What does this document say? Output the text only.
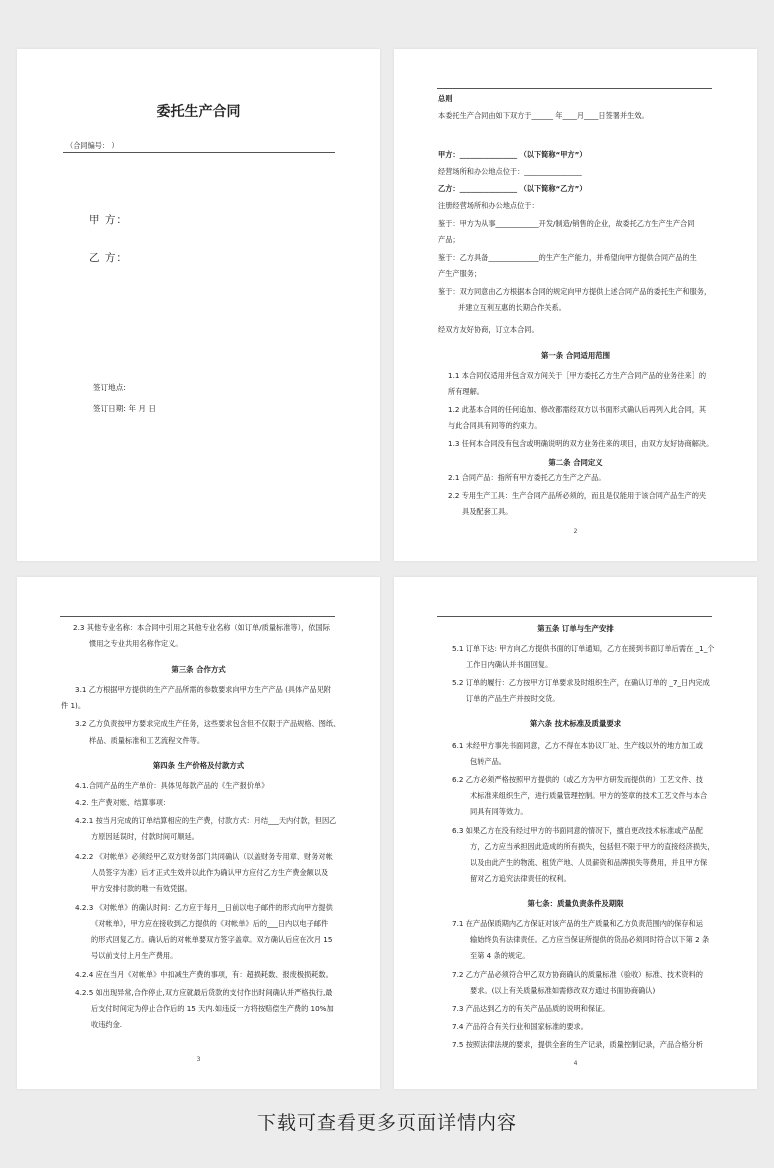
委托生产合同
（合同编号： ）
甲 方：
乙 方：
签订地点:
签订日期: 年 月 日
总则
本委托生产合同由如下双方于______ 年____月____日签署并生效。
甲方：________________ （以下简称“甲方”）
经营场所和办公地点位于：________________
乙方：________________ （以下简称“乙方”）
注册经营场所和办公地点位于：
鉴于：甲方为从事____________开发/制造/销售的企业，故委托乙方生产生产合同
产品；
鉴于：乙方具备______________的生产生产能力，并希望向甲方提供合同产品的生
产生产服务；
鉴于：双方同意由乙方根据本合同的规定向甲方提供上述合同产品的委托生产和服务，
并建立互利互惠的长期合作关系。
经双方友好协商，订立本合同。
第一条 合同适用范围
1.1 本合同仅适用并包含双方间关于［甲方委托乙方生产合同产品的业务往来］的
所有理解。
1.2 此基本合同的任何追加、修改都需经双方以书面形式确认后再列入此合同，其
与此合同具有同等的约束力。
1.3 任何本合同没有包含或明确说明的双方业务往来的项目，由双方友好协商解决。
第二条 合同定义
2.1 合同产品：指所有甲方委托乙方生产之产品。
2.2 专用生产工具：生产合同产品所必须的，而且是仅能用于该合同产品生产的夹
具及配套工具。
2
2.3 其他专业名称：本合同中引用之其他专业名称（如订单/质量标准等），依国际
惯用之专业共用名称作定义。
第三条 合作方式
3.1 乙方根据甲方提供的生产产品所需的参数要求向甲方生产产品 (具体产品见附
件 1)。
3.2 乙方负责按甲方要求完成生产任务，这些要求包含但不仅限于产品规格、图纸、
样品、质量标准和工艺流程文件等。
第四条 生产价格及付款方式
4.1.合同产品的生产单价：具体见每款产品的《生产报价单》
4.2. 生产费对账、结算事项：
4.2.1 按当月完成的订单结算相应的生产费，付款方式：月结___天内付款，但因乙
方原因延误时，付款时间可顺延。
4.2.2 《对帐单》必须经甲乙双方财务部门共同确认（以盖财务专用章、财务对帐
人员签字为准）后才正式生效并以此作为确认甲方应付乙方生产费金额以及
甲方安排付款的唯一有效凭据。
4.2.3 《对帐单》的确认时间：乙方应于每月__日前以电子邮件的形式向甲方提供
《对帐单》，甲方应在接收到乙方提供的《对帐单》后的___日内以电子邮件
的形式回复乙方。确认后的对帐单要双方签字盖章。双方确认后应在次月 15
号以前支付上月生产费用。
4.2.4 应在当月《对帐单》中扣减生产费的事项，有：超损耗数、报废极损耗数。
4.2.5 如出现异常,合作停止,双方应就最后货款的支付作出时间确认并严格执行,最
后支付时间定为停止合作后的 15 天内.如违反一方将按赔偿生产费的 10%加
收违约金.
3
第五条 订单与生产安排
5.1 订单下达: 甲方向乙方提供书面的订单通知，乙方在接到书面订单后需在 _1_个
工作日内确认并书面回复。
5.2 订单的履行：乙方按甲方订单要求及时组织生产，在确认订单的 _7_日内完成
订单的产品生产并按时交货。
第六条 技术标准及质量要求
6.1 未经甲方事先书面同意，乙方不得在本协议厂址、生产线以外的地方加工或
包转产品。
6.2 乙方必须严格按照甲方提供的（或乙方为甲方研发而提供的）工艺文件、技
术标准来组织生产，进行质量管理控制。甲方的签章的技术工艺文件与本合
同具有同等效力。
6.3 如果乙方在没有经过甲方的书面同意的情况下，擅自更改技术标准或产品配
方，乙方应当承担因此造成的所有损失，包括但不限于甲方的直接经济损失，
以及由此产生的物流、租赁产地、人员薪资和品牌损失等费用，并且甲方保
留对乙方追究法律责任的权利。
第七条：质量负责条件及期限
7.1 在产品保质期内乙方保证对该产品的生产质量和乙方负责范围内的保存和运
输始终负有法律责任。乙方应当保证所提供的货品必须同时符合以下第 2 条
至第 4 条的规定。
7.2 乙方产品必须符合甲乙双方协商确认的质量标准（验收）标准、技术资料的
要求。(以上有关质量标准如需修改双方通过书面协商确认)
7.3 产品达到乙方的有关产品品质的说明和保证。
7.4 产品符合有关行业和国家标准的要求。
7.5 按照法律法规的要求，提供全套的生产记录，质量控制记录，产品合格分析
4
下载可查看更多页面详情内容
